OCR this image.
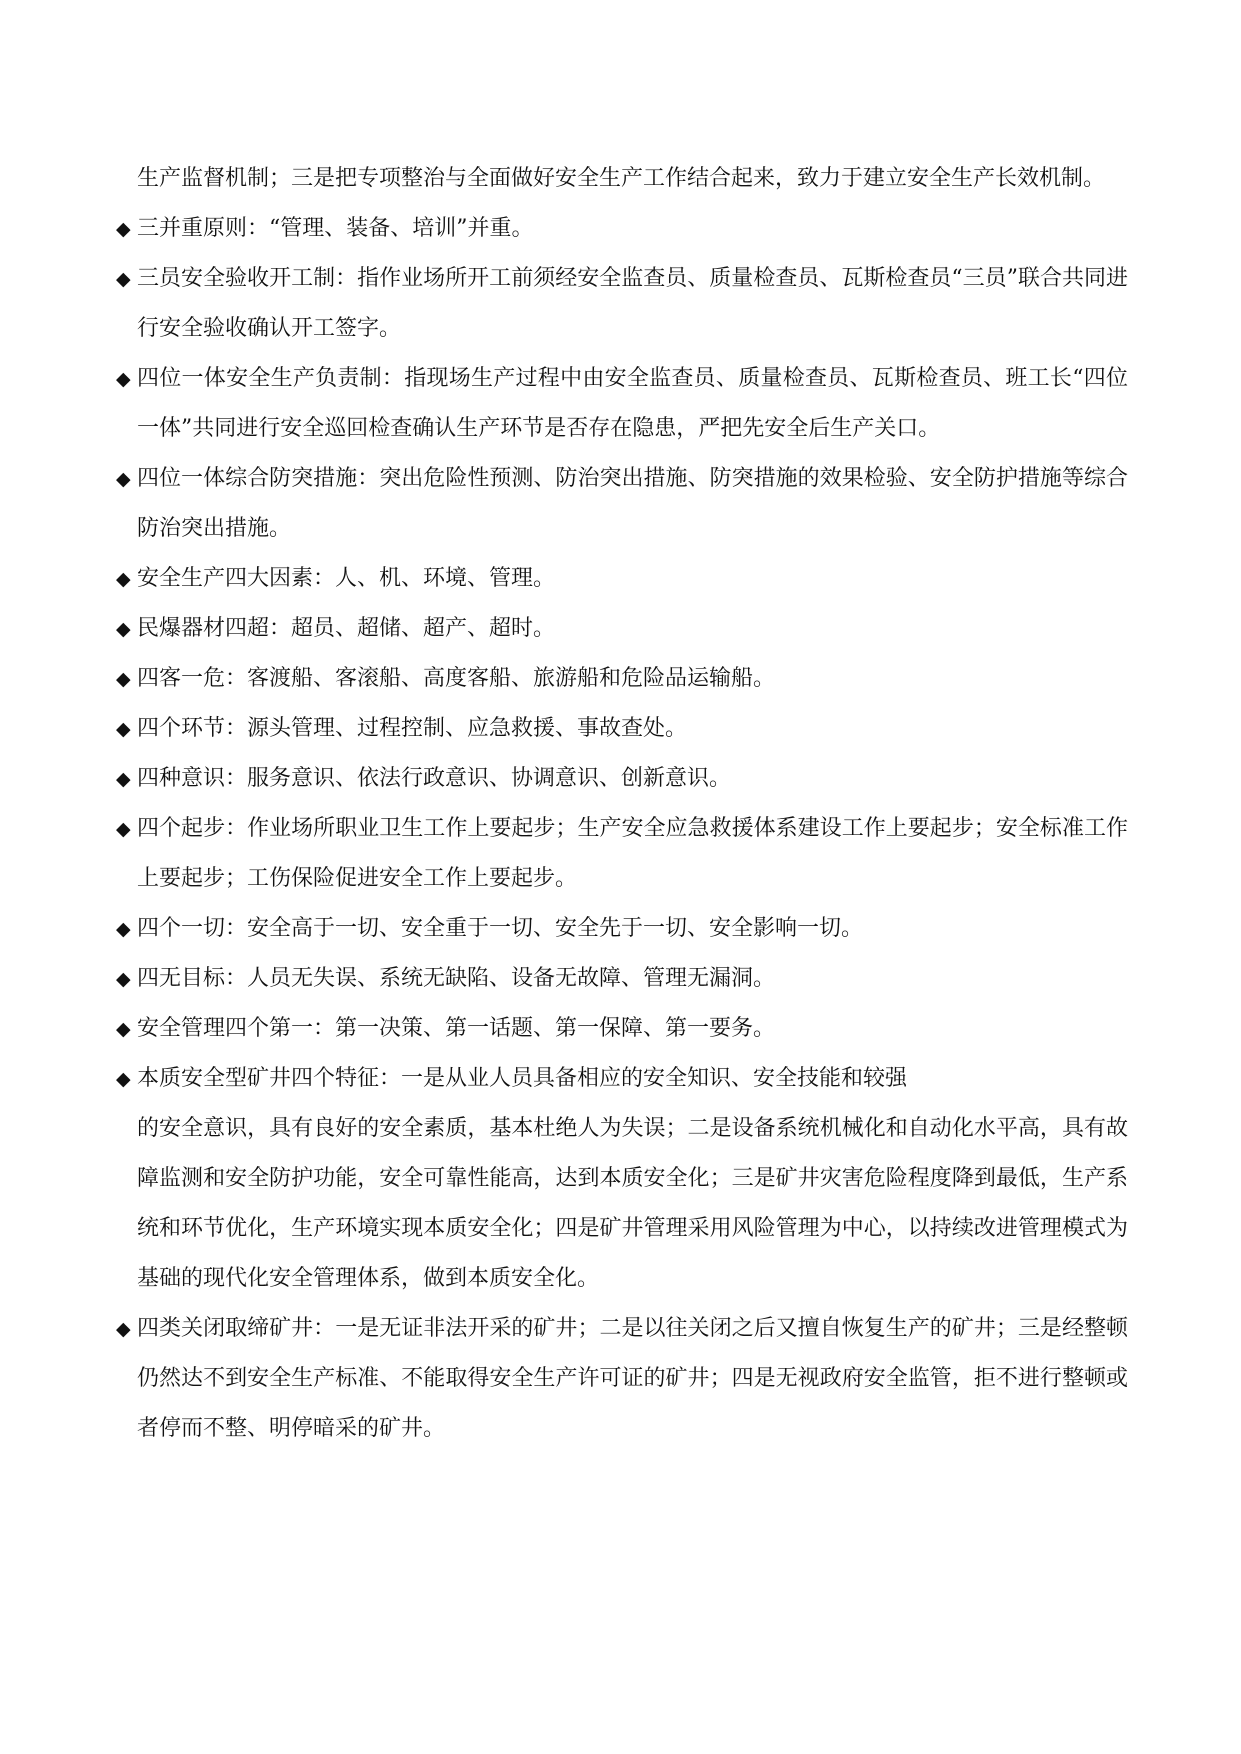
生产监督机制；三是把专项整治与全面做好安全生产工作结合起来，致力于建立安全生产长效机制。

◆ 三并重原则：“管理、装备、培训”并重。

◆ 三员安全验收开工制：指作业场所开工前须经安全监查员、质量检查员、瓦斯检查员“三员”联合共同进行安全验收确认开工签字。

◆ 四位一体安全生产负责制：指现场生产过程中由安全监查员、质量检查员、瓦斯检查员、班工长“四位一体”共同进行安全巡回检查确认生产环节是否存在隐患，严把先安全后生产关口。

◆ 四位一体综合防突措施：突出危险性预测、防治突出措施、防突措施的效果检验、安全防护措施等综合防治突出措施。

◆ 安全生产四大因素：人、机、环境、管理。

◆ 民爆器材四超：超员、超储、超产、超时。

◆ 四客一危：客渡船、客滚船、高度客船、旅游船和危险品运输船。

◆ 四个环节：源头管理、过程控制、应急救援、事故查处。

◆ 四种意识：服务意识、依法行政意识、协调意识、创新意识。

◆ 四个起步：作业场所职业卫生工作上要起步；生产安全应急救援体系建设工作上要起步；安全标准工作上要起步；工伤保险促进安全工作上要起步。

◆ 四个一切：安全高于一切、安全重于一切、安全先于一切、安全影响一切。

◆ 四无目标：人员无失误、系统无缺陷、设备无故障、管理无漏洞。

◆ 安全管理四个第一：第一决策、第一话题、第一保障、第一要务。

◆ 本质安全型矿井四个特征：一是从业人员具备相应的安全知识、安全技能和较强
的安全意识，具有良好的安全素质，基本杜绝人为失误；二是设备系统机械化和自动化水平高，具有故障监测和安全防护功能，安全可靠性能高，达到本质安全化；三是矿井灾害危险程度降到最低，生产系统和环节优化，生产环境实现本质安全化；四是矿井管理采用风险管理为中心，以持续改进管理模式为基础的现代化安全管理体系，做到本质安全化。

◆ 四类关闭取缔矿井：一是无证非法开采的矿井；二是以往关闭之后又擅自恢复生产的矿井；三是经整顿仍然达不到安全生产标准、不能取得安全生产许可证的矿井；四是无视政府安全监管，拒不进行整顿或者停而不整、明停暗采的矿井。
